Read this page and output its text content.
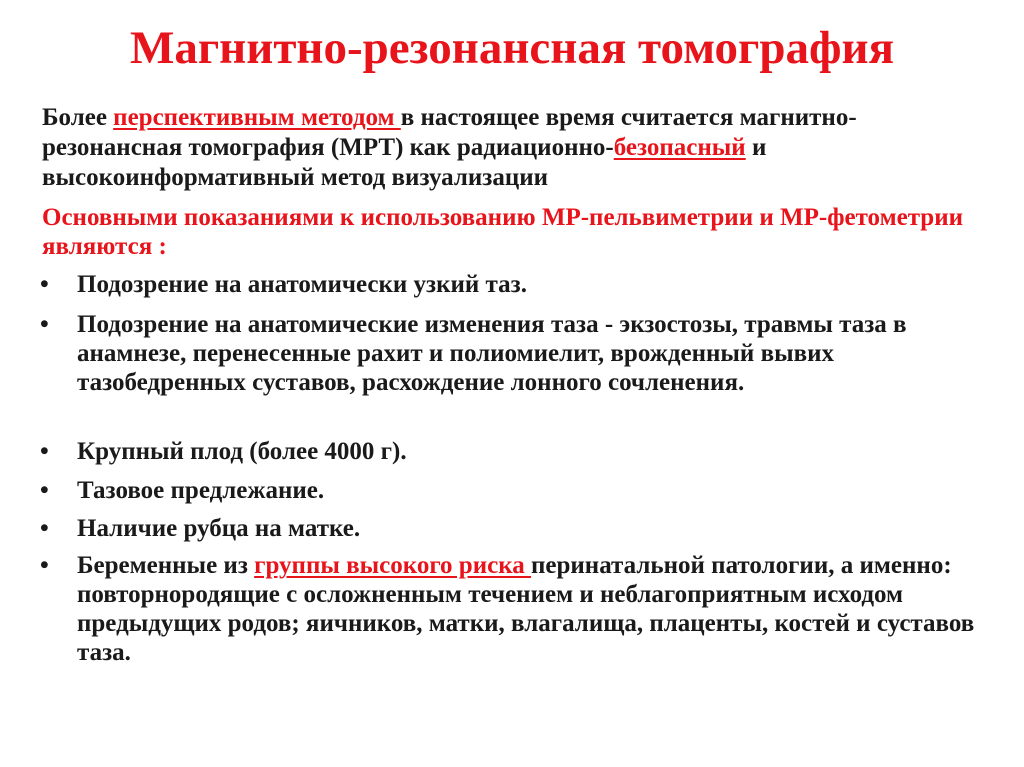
Магнитно-резонансная томография
Более перспективным методом в настоящее время считается магнитно- резонансная томография (МРТ) как радиационно-безопасный и высокоинформативный метод визуализации
Основными показаниями к использованию МР-пельвиметрии и МР-фетометрии являются :
•	Подозрение на анатомически узкий таз.
•	Подозрение на анатомические изменения таза - экзостозы, травмы таза в анамнезе, перенесенные рахит и полиомиелит, врожденный вывих тазобедренных суставов, расхождение лонного сочленения.
•	Крупный плод (более 4000 г).
•	Тазовое предлежание.
•	Наличие рубца на матке.
•	Беременные из группы высокого риска перинатальной патологии, а именно: повторнородящие с осложненным течением и неблагоприятным исходом предыдущих родов; яичников, матки, влагалища, плаценты, костей и суставов таза.
